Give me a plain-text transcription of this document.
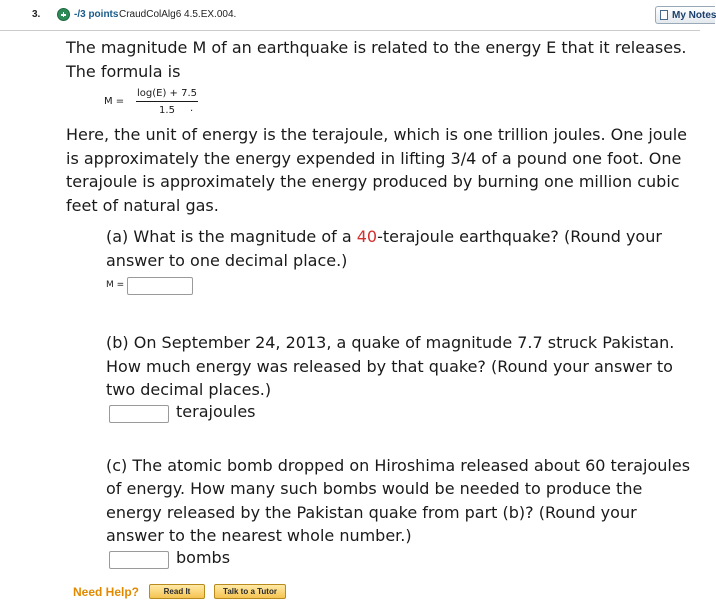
3.	-/3 points CraudColAlg6 4.5.EX.004.	My Notes

The magnitude M of an earthquake is related to the energy E that it releases. The formula is

$M = \frac{\log(E) + 7.5}{1.5}$
.

Here, the unit of energy is the terajoule, which is one trillion joules. One joule is approximately the energy expended in lifting 3/4 of a pound one foot. One terajoule is approximately the energy produced by burning one million cubic feet of natural gas.

(a) What is the magnitude of a 40-terajoule earthquake? (Round your answer to one decimal place.)

M =

(b) On September 24, 2013, a quake of magnitude 7.7 struck Pakistan. How much energy was released by that quake? (Round your answer to two decimal places.)

terajoules

(c) The atomic bomb dropped on Hiroshima released about 60 terajoules of energy. How many such bombs would be needed to produce the energy released by the Pakistan quake from part (b)? (Round your answer to the nearest whole number.)

bombs
Need Help?	Read It	Talk to a Tutor
